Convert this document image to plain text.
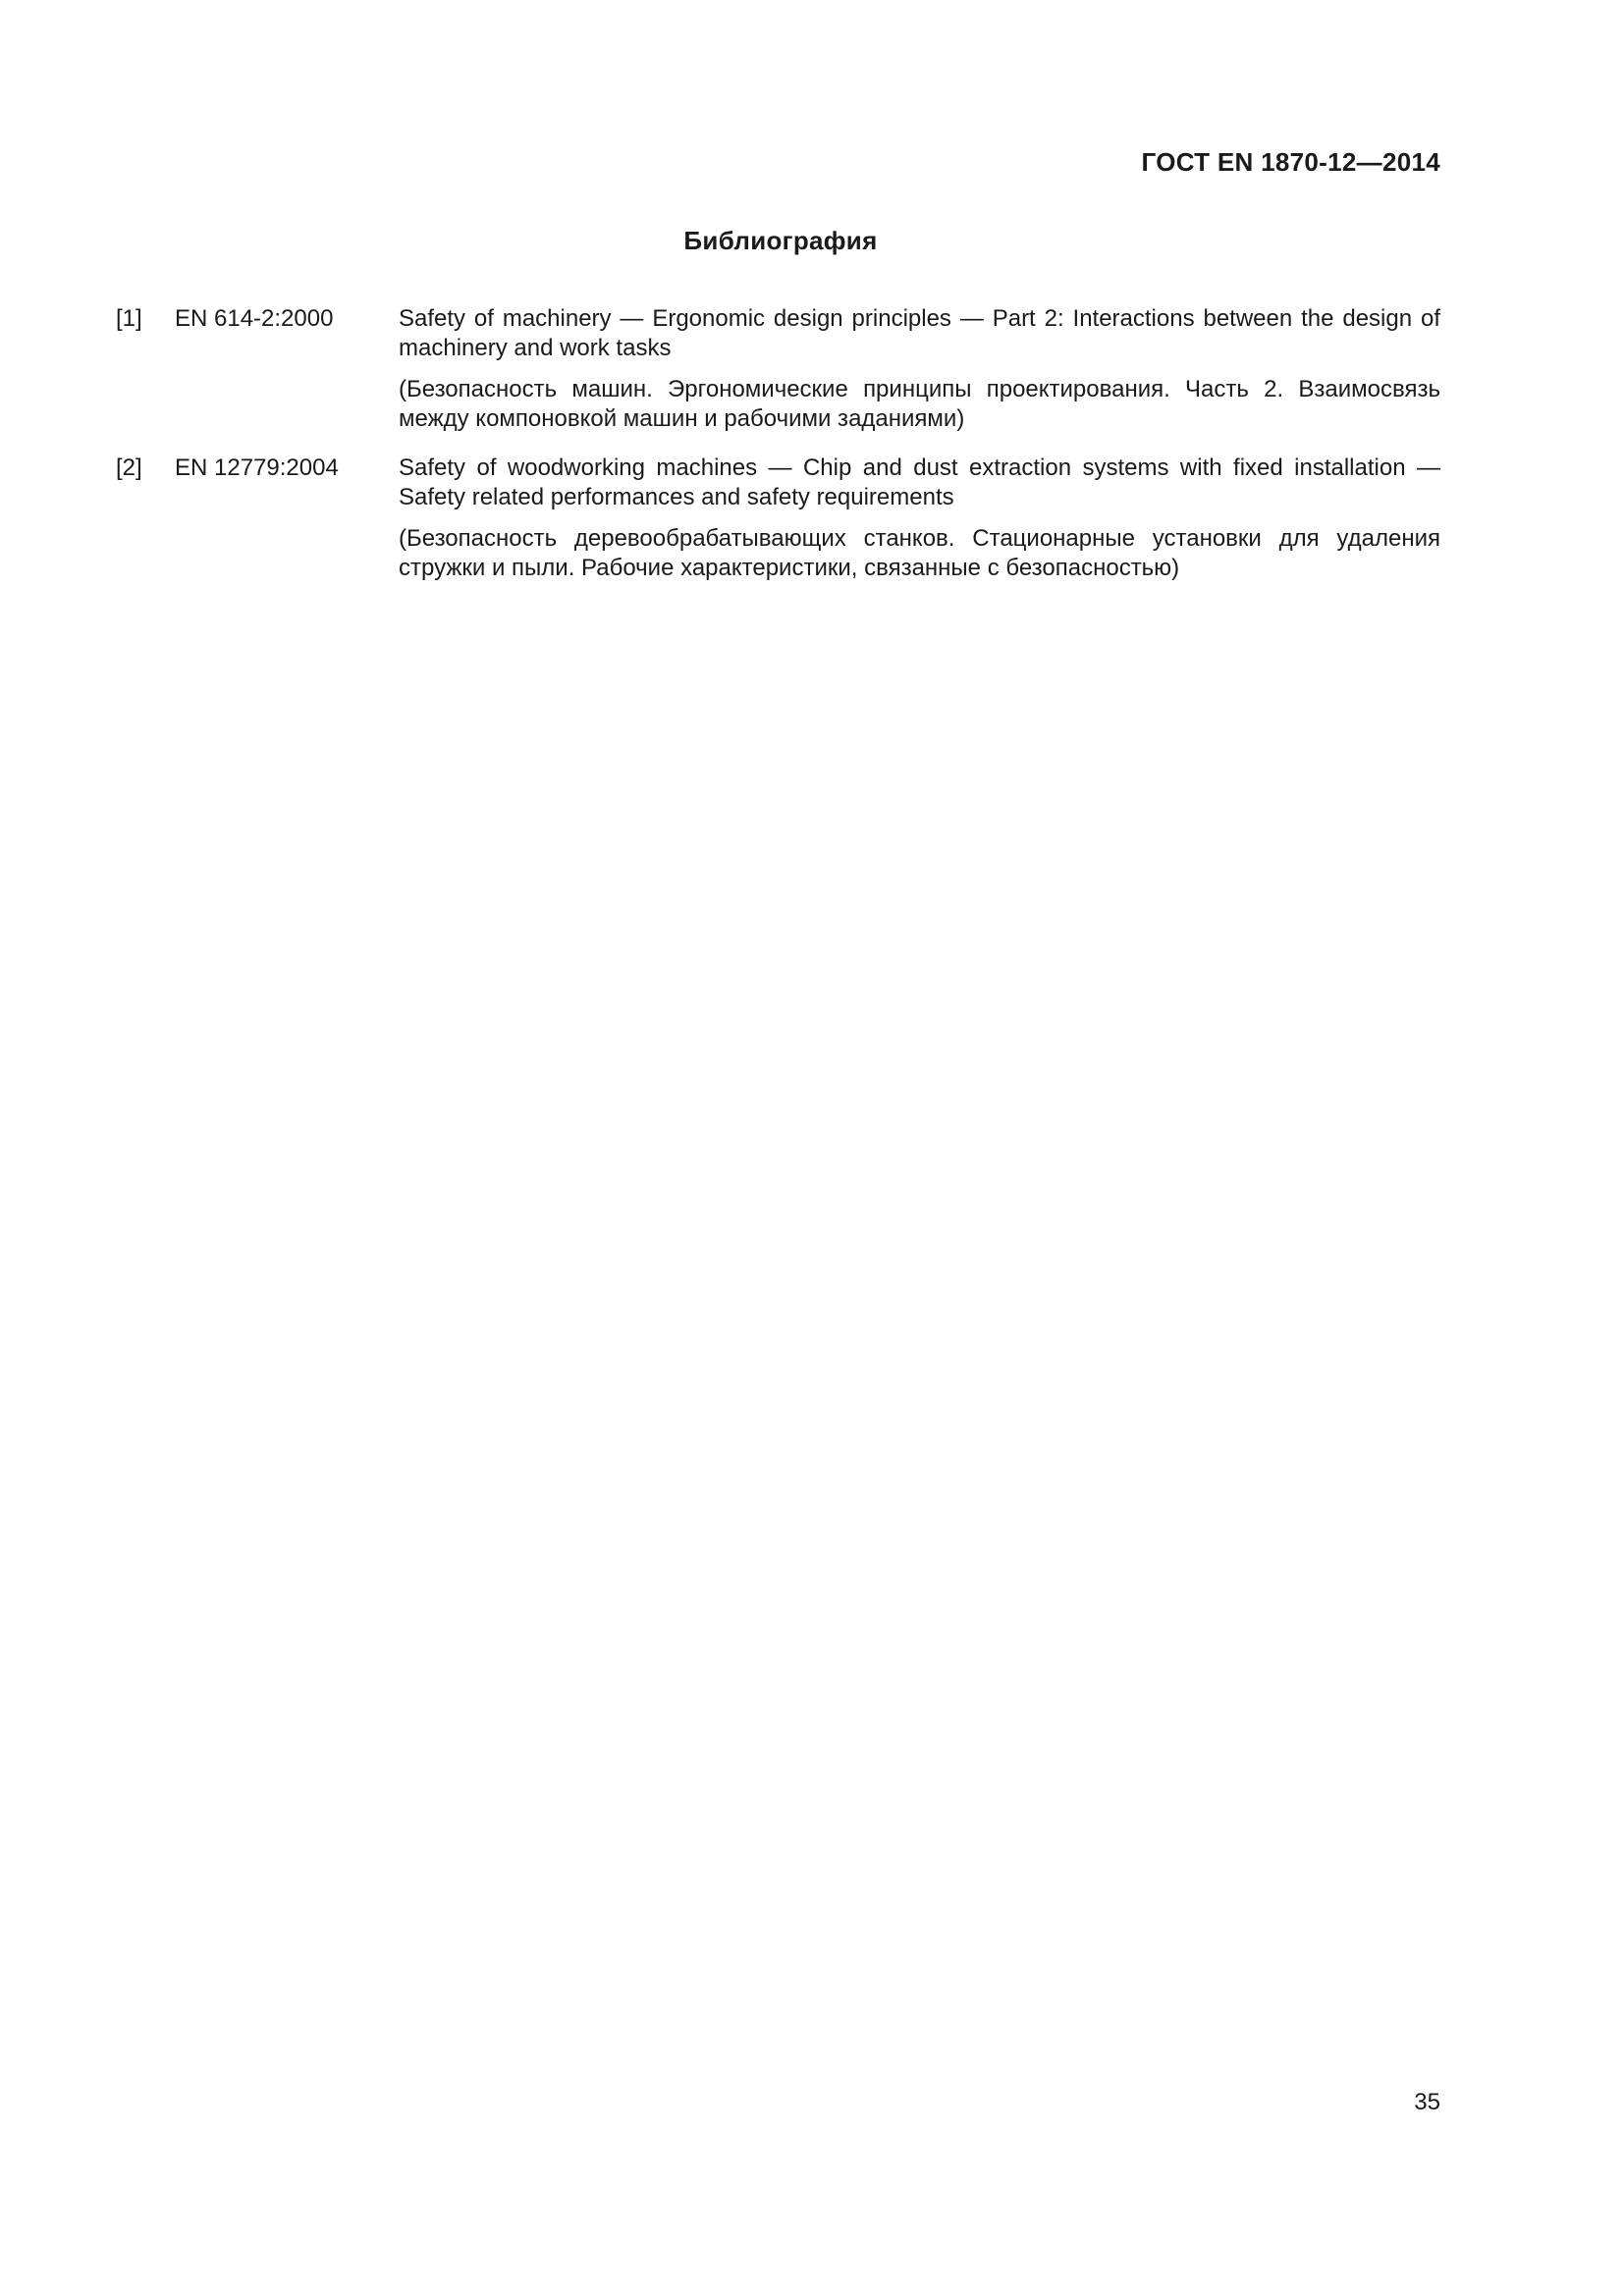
ГОСТ EN 1870-12—2014
Библиография
[1] EN 614-2:2000	Safety of machinery — Ergonomic design principles — Part 2: Interactions between the design of machinery and work tasks

(Безопасность машин. Эргономические принципы проектирования. Часть 2. Взаимосвязь между компоновкой машин и рабочими заданиями)

[2] EN 12779:2004	Safety of woodworking machines — Chip and dust extraction systems with fixed installation — Safety related performances and safety requirements

(Безопасность деревообрабатывающих станков. Стационарные установки для удаления стружки и пыли. Рабочие характеристики, связанные с безопасностью)

35
